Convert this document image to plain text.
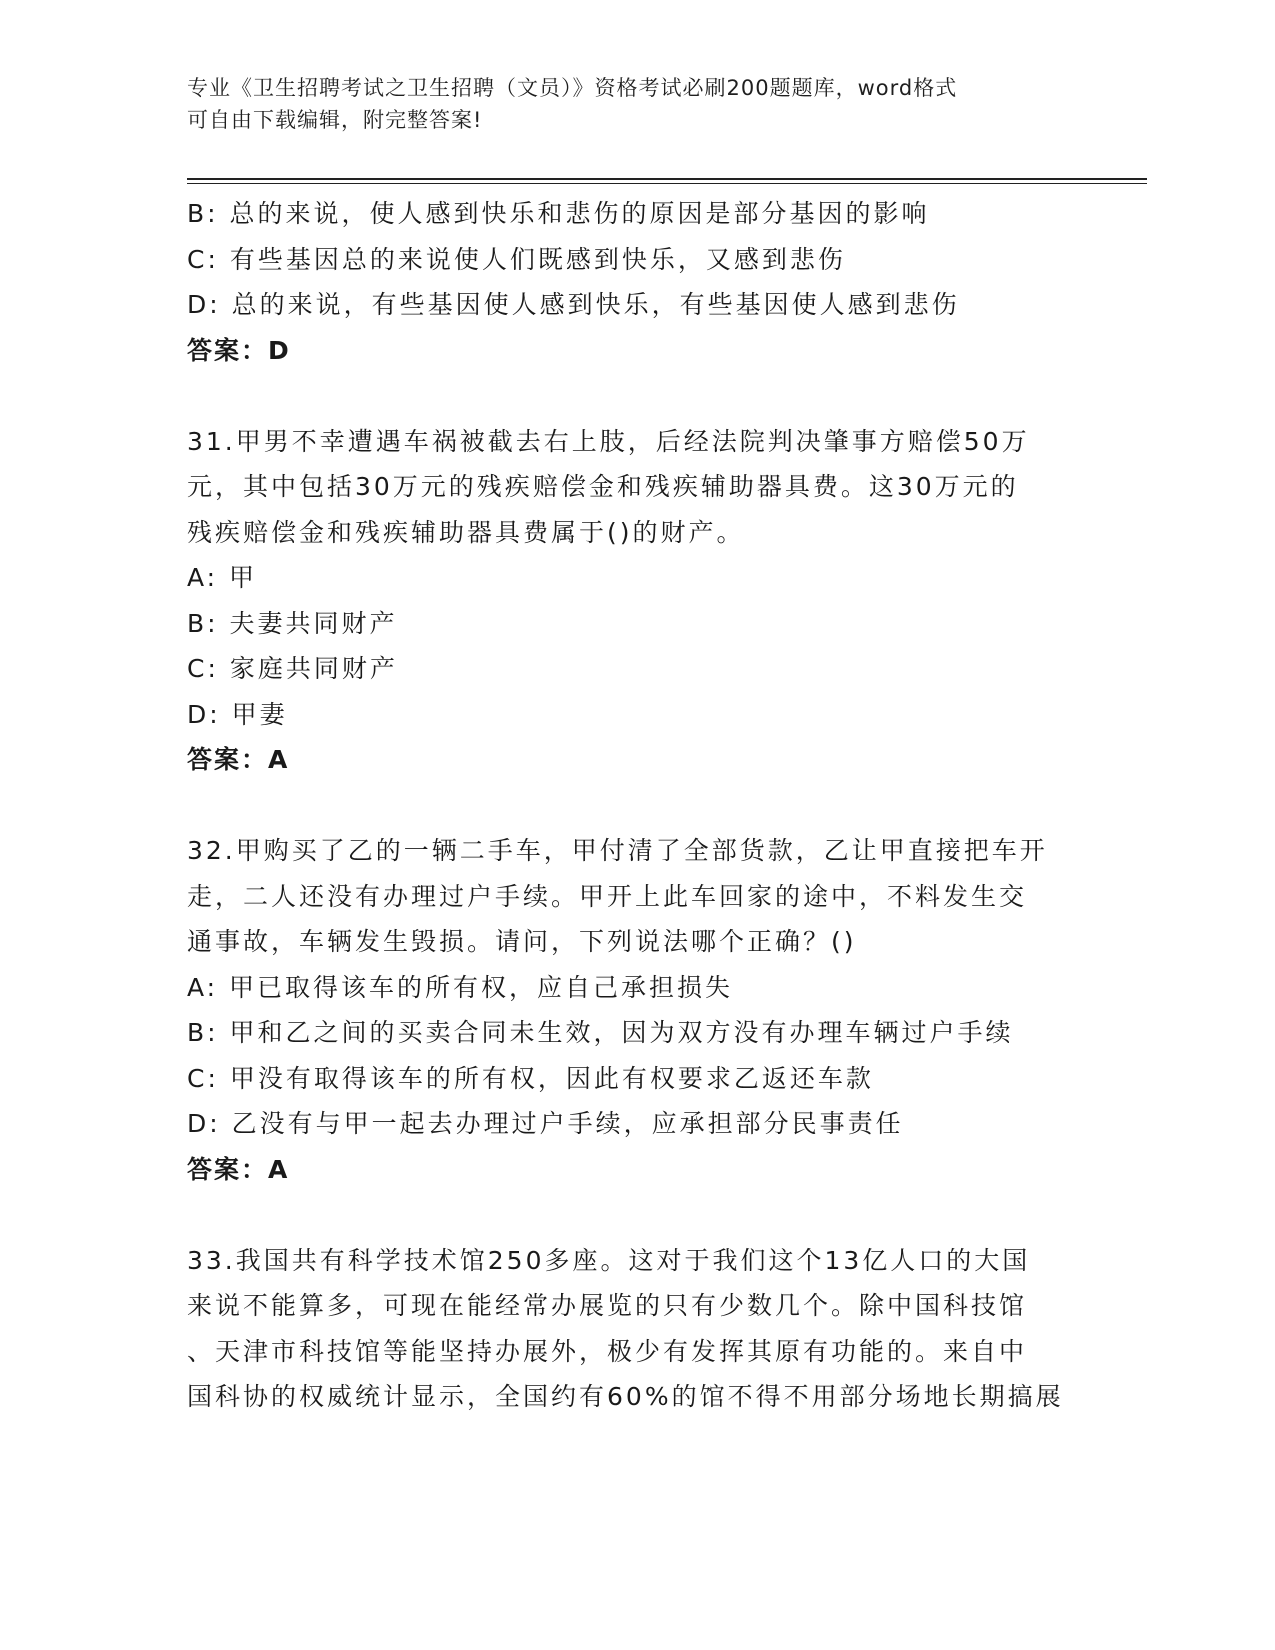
专业《卫生招聘考试之卫生招聘（文员）》资格考试必刷200题题库，word格式
可自由下载编辑，附完整答案!
B: 总的来说，使人感到快乐和悲伤的原因是部分基因的影响
C: 有些基因总的来说使人们既感到快乐，又感到悲伤
D: 总的来说，有些基因使人感到快乐，有些基因使人感到悲伤
答案：D
31.甲男不幸遭遇车祸被截去右上肢，后经法院判决肇事方赔偿50万
元，其中包括30万元的残疾赔偿金和残疾辅助器具费。这30万元的
残疾赔偿金和残疾辅助器具费属于()的财产。
A: 甲
B: 夫妻共同财产
C: 家庭共同财产
D: 甲妻
答案：A
32.甲购买了乙的一辆二手车，甲付清了全部货款，乙让甲直接把车开
走，二人还没有办理过户手续。甲开上此车回家的途中，不料发生交
通事故，车辆发生毁损。请问，下列说法哪个正确？()
A: 甲已取得该车的所有权，应自己承担损失
B: 甲和乙之间的买卖合同未生效，因为双方没有办理车辆过户手续
C: 甲没有取得该车的所有权，因此有权要求乙返还车款
D: 乙没有与甲一起去办理过户手续，应承担部分民事责任
答案：A
33.我国共有科学技术馆250多座。这对于我们这个13亿人口的大国
来说不能算多，可现在能经常办展览的只有少数几个。除中国科技馆
、天津市科技馆等能坚持办展外，极少有发挥其原有功能的。来自中
国科协的权威统计显示，全国约有60%的馆不得不用部分场地长期搞展
